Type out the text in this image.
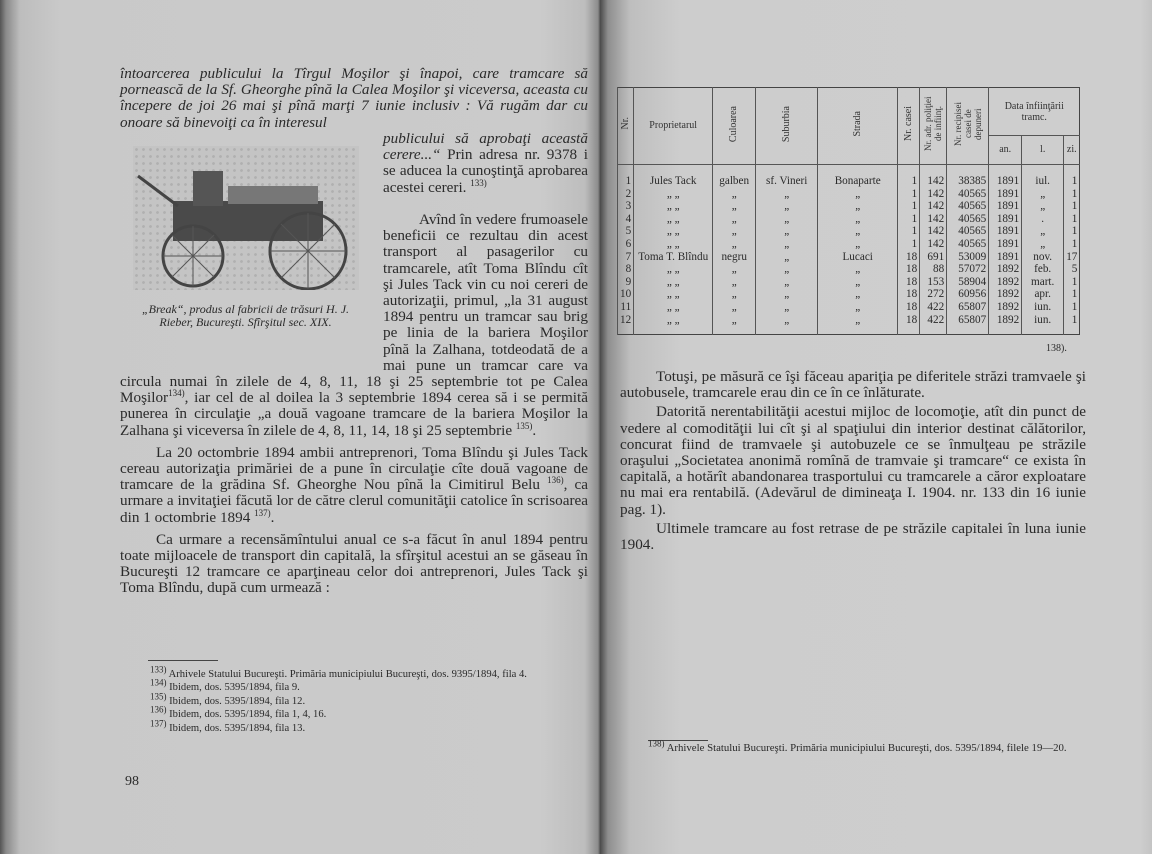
întoarcerea publicului la Tîrgul Moşilor şi înapoi, care tramcare să pornească de la Sf. Gheorghe pînă la Calea Moşilor şi viceversa, aceasta cu începere de joi 26 mai şi pînă marţi 7 iunie inclusiv : Vă rugăm dar cu onoare să binevoiţi ca în interesul
„Break“, produs al fabricii de trăsuri H. J. Rieber, Bucureşti. Sfîrşitul sec. XIX.

publicului să aprobaţi această cerere...“ Prin adresa nr. 9378 i se aducea la cunoştinţă aprobarea acestei cereri. $^{133)}$

Avînd în vedere frumoasele beneficii ce rezultau din acest transport al pasagerilor cu tramcarele, atît Toma Blîndu cît şi Jules Tack vin cu noi cereri de autorizaţii, primul, „la 31 august 1894 pentru un tramcar sau brig pe linia de la bariera Moşilor pînă la Zalhana, totdeodată de a mai pune un tramcar care va circula numai în zilele de 4, 8, 11, 18 şi 25 septembrie tot pe Calea Moşilor$^{134)}$, iar cel de al doilea la 3 septembrie 1894 cerea să i se permită punerea în circulaţie „a două vagoane tramcare de la bariera Moşilor la Zalhana şi viceversa în zilele de 4, 8, 11, 14, 18 şi 25 septembrie $^{135)}$.

La 20 octombrie 1894 ambii antreprenori, Toma Blîndu şi Jules Tack cereau autorizaţia primăriei de a pune în circulaţie cîte două vagoane de tramcare de la grădina Sf. Gheorghe Nou pînă la Cimitirul Belu $^{136)}$, ca urmare a invitaţiei făcută lor de către clerul comunităţii catolice în scrisoarea din 1 octombrie 1894 $^{137)}$.

Ca urmare a recensămîntului anual ce s-a făcut în anul 1894 pentru toate mijloacele de transport din capitală, la sfîrşitul acestui an se găseau în Bucureşti 12 tramcare ce aparţineau celor doi antreprenori, Jules Tack şi Toma Blîndu, după cum urmează :

$^{133)}$ Arhivele Statului Bucureşti. Primăria municipiului Bucureşti, dos. 9395/1894, fila 4.
$^{134)}$ Ibidem, dos. 5395/1894, fila 9.
$^{135)}$ Ibidem, dos. 5395/1894, fila 12.
$^{136)}$ Ibidem, dos. 5395/1894, fila 1, 4, 16.
$^{137)}$ Ibidem, dos. 5395/1894, fila 13.
98
Nr.	Proprietarul	Culoarea	Suburbia	Strada	Nr. casei	Nr. adr. poliţiei de infiinţ.	Nr. recipisei casei de depuneri	Data înfiinţării tramc.		
								an.	l.	zi.
1	Jules Tack	galben	sf. Vineri	Bonaparte	1	142	38385	1891	iul.	1
2	„ „	„	„	„	1	142	40565	1891	„	1
3	„ „	„	„	„	1	142	40565	1891	„	1
4	„ „	„	„	„	1	142	40565	1891	.	1
5	„ „	„	„	„	1	142	40565	1891	„	1
6	„ „	„	„	„	1	142	40565	1891	„	1
7	Toma T. Blîndu	negru	„	Lucaci	18	691	53009	1891	nov.	17
8	„ „	„	„	„	18	88	57072	1892	feb.	5
9	„ „	„	„	„	18	153	58904	1892	mart.	1
10	„ „	„	„	„	18	272	60956	1892	apr.	1
11	„ „	„	„	„	18	422	65807	1892	iun.	1
12	„ „	„	„	„	18	422	65807	1892	iun.	1
138).

Totuşi, pe măsură ce îşi făceau apariţia pe diferitele străzi tramvaele şi autobusele, tramcarele erau din ce în ce înlăturate.

Datorită nerentabilităţii acestui mijloc de locomoţie, atît din punct de vedere al comodităţii lui cît şi al spaţiului din interior destinat călătorilor, concurat fiind de tramvaele şi autobuzele ce se înmulţeau pe străzile oraşului „Societatea anonimă romînă de tramvaie şi tramcare“ ce exista în capitală, a hotărît abandonarea trasportului cu tramcarele a căror exploatare nu mai era rentabilă. (Adevărul de dimineaţa I. 1904. nr. 133 din 16 iunie pag. 1).

Ultimele tramcare au fost retrase de pe străzile capitalei în luna iunie 1904.

$^{138)}$ Arhivele Statului Bucureşti. Primăria municipiului Bucureşti, dos. 5395/1894, filele 19—20.
